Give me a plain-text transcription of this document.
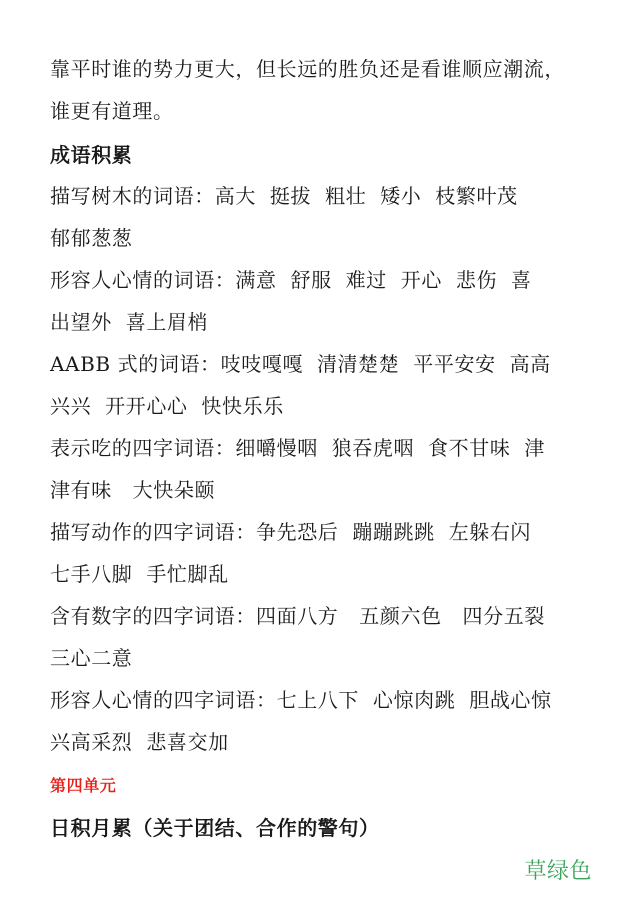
靠平时谁的势力更大，但长远的胜负还是看谁顺应潮流，
谁更有道理。
成语积累
描写树木的词语：高大  挺拔  粗壮  矮小  枝繁叶茂
郁郁葱葱
形容人心情的词语：满意  舒服  难过  开心  悲伤  喜
出望外  喜上眉梢
AABB 式的词语：吱吱嘎嘎  清清楚楚  平平安安  高高
兴兴  开开心心  快快乐乐
表示吃的四字词语：细嚼慢咽  狼吞虎咽  食不甘味  津
津有味   大快朵颐
描写动作的四字词语：争先恐后  蹦蹦跳跳  左躲右闪
七手八脚  手忙脚乱
含有数字的四字词语：四面八方   五颜六色   四分五裂
三心二意
形容人心情的四字词语：七上八下  心惊肉跳  胆战心惊
兴高采烈  悲喜交加
第四单元
日积月累（关于团结、合作的警句）
草绿色
